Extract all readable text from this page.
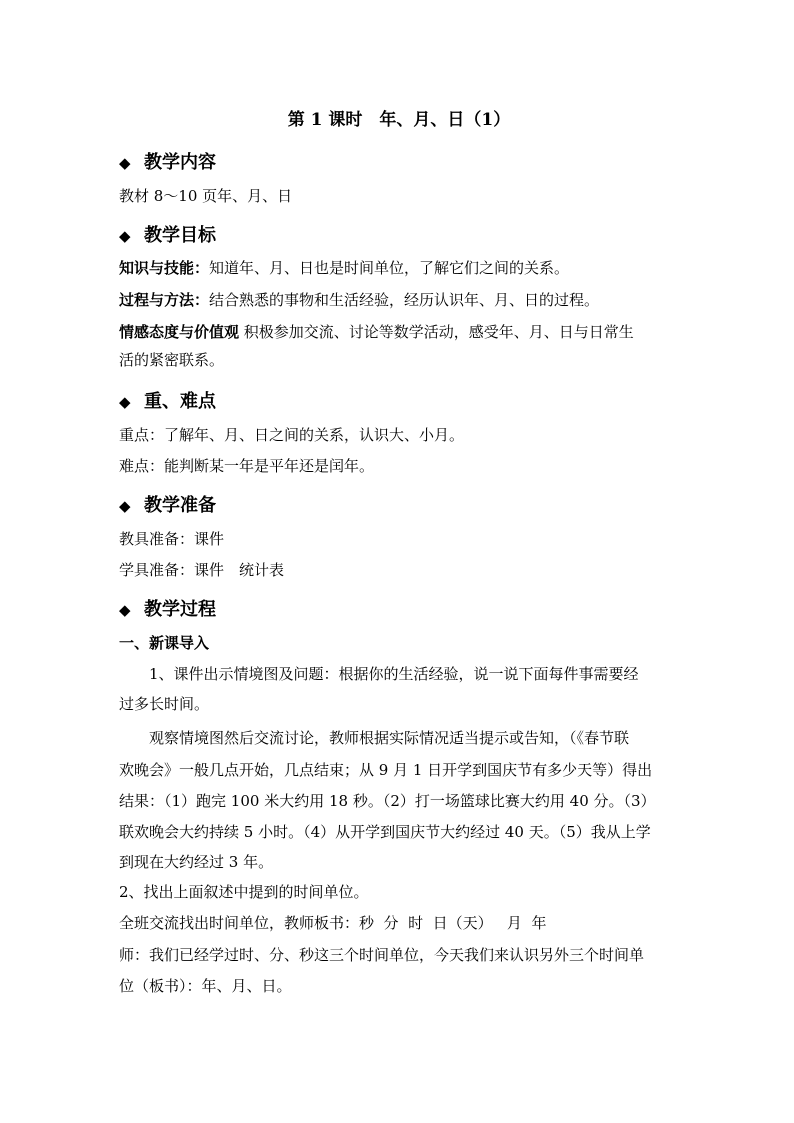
第 1 课时　年、月、日（1）
◆ 教学内容
教材 8～10 页年、月、日
◆ 教学目标
知识与技能：知道年、月、日也是时间单位，了解它们之间的关系。
过程与方法：结合熟悉的事物和生活经验，经历认识年、月、日的过程。
情感态度与价值观 积极参加交流、讨论等数学活动，感受年、月、日与日常生
活的紧密联系。
◆ 重、难点
重点：了解年、月、日之间的关系，认识大、小月。
难点：能判断某一年是平年还是闰年。
◆ 教学准备
教具准备：课件
学具准备：课件　统计表
◆ 教学过程
一、新课导入
1、课件出示情境图及问题：根据你的生活经验，说一说下面每件事需要经
过多长时间。
观察情境图然后交流讨论，教师根据实际情况适当提示或告知，（《春节联
欢晚会》一般几点开始，几点结束；从 9 月 1 日开学到国庆节有多少天等）得出
结果：（1）跑完 100 米大约用 18 秒。（2）打一场篮球比赛大约用 40 分。（3）
联欢晚会大约持续 5 小时。（4）从开学到国庆节大约经过 40 天。（5）我从上学
到现在大约经过 3 年。
2、找出上面叙述中提到的时间单位。
全班交流找出时间单位，教师板书：秒  分  时  日（天）   月  年
师：我们已经学过时、分、秒这三个时间单位，今天我们来认识另外三个时间单
位（板书）：年、月、日。
